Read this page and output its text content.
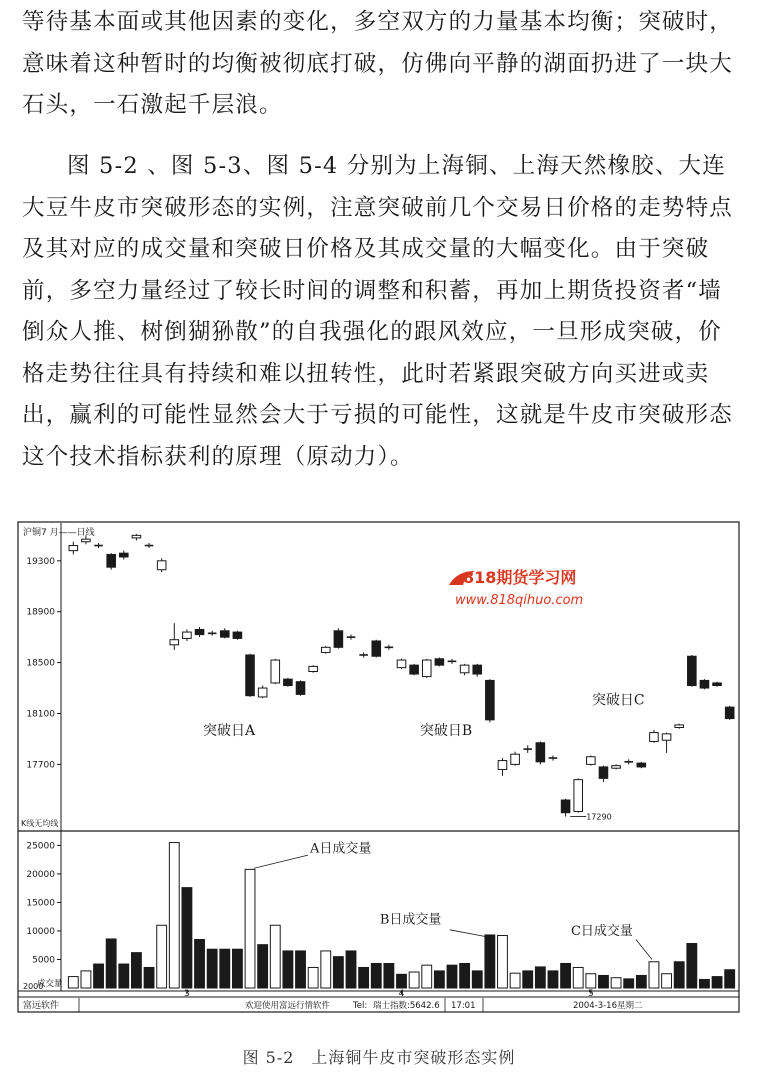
等待基本面或其他因素的变化，多空双方的力量基本均衡；突破时，意味着这种暂时的均衡被彻底打破，仿佛向平静的湖面扔进了一块大石头，一石激起千层浪。

图 5-2 、图 5-3、图 5-4 分别为上海铜、上海天然橡胶、大连大豆牛皮市突破形态的实例，注意突破前几个交易日价格的走势特点及其对应的成交量和突破日价格及其成交量的大幅变化。由于突破前，多空力量经过了较长时间的调整和积蓄，再加上期货投资者“墙倒众人推、树倒猢狲散”的自我强化的跟风效应，一旦形成突破，价格走势往往具有持续和难以扭转性，此时若紧跟突破方向买进或卖出，赢利的可能性显然会大于亏损的可能性，这就是牛皮市突破形态这个技术指标获利的原理（原动力）。

沪铜7 月——日线
K线无均线
19300
18900
18500
18100
17700
17290
突破日A	突破日B
突破日C
818期货学习网
www.818qihuo.com
25000
20000
15000
10000
5000
成交量
A日成交量
B日成交量
C日成交量
2000
3	4	5
富远软件	欢迎使用富远行情软件	Tel: 瑞士指数:5642.6 17:01	2004-3-16星期二
图 5-2　上海铜牛皮市突破形态实例
